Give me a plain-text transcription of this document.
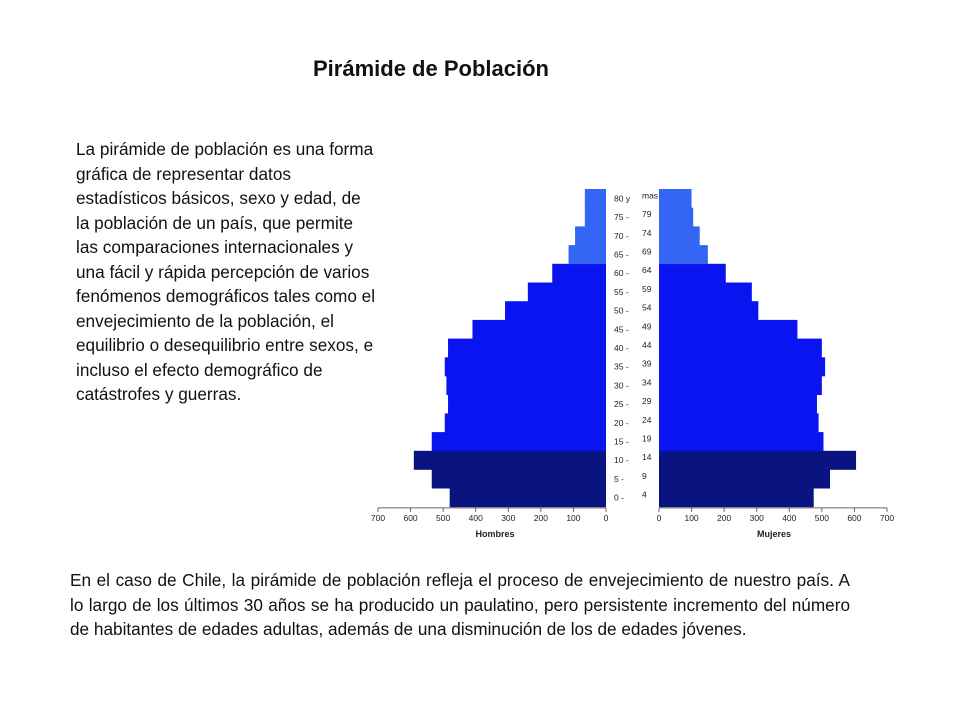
Pirámide de Población
La pirámide de población es una forma
gráfica de representar datos
estadísticos básicos, sexo y edad, de
la población de un país, que permite
las comparaciones internacionales y
una fácil y rápida percepción de varios
fenómenos demográficos tales como el
envejecimiento de la población, el
equilibrio o desequilibrio entre sexos, e
incluso el efecto demográfico de
catástrofes y guerras.
0 - 4
5 - 9
10 - 14
15 - 19
20 - 24
25 - 29
30 - 34
35 - 39
40 - 44
45 - 49
50 - 54
55 - 59
60 - 64
65 - 69
70 - 74
75 - 79
80 y mas
700	700
600	600
500	500
400	400
300	300
200	200
100	100
0	0
Hombres	Mujeres
En el caso de Chile, la pirámide de población refleja el proceso de envejecimiento de nuestro país. A lo largo de los últimos 30 años se ha producido un paulatino, pero persistente incremento del número de habitantes de edades adultas, además de una disminución de los de edades jóvenes.
